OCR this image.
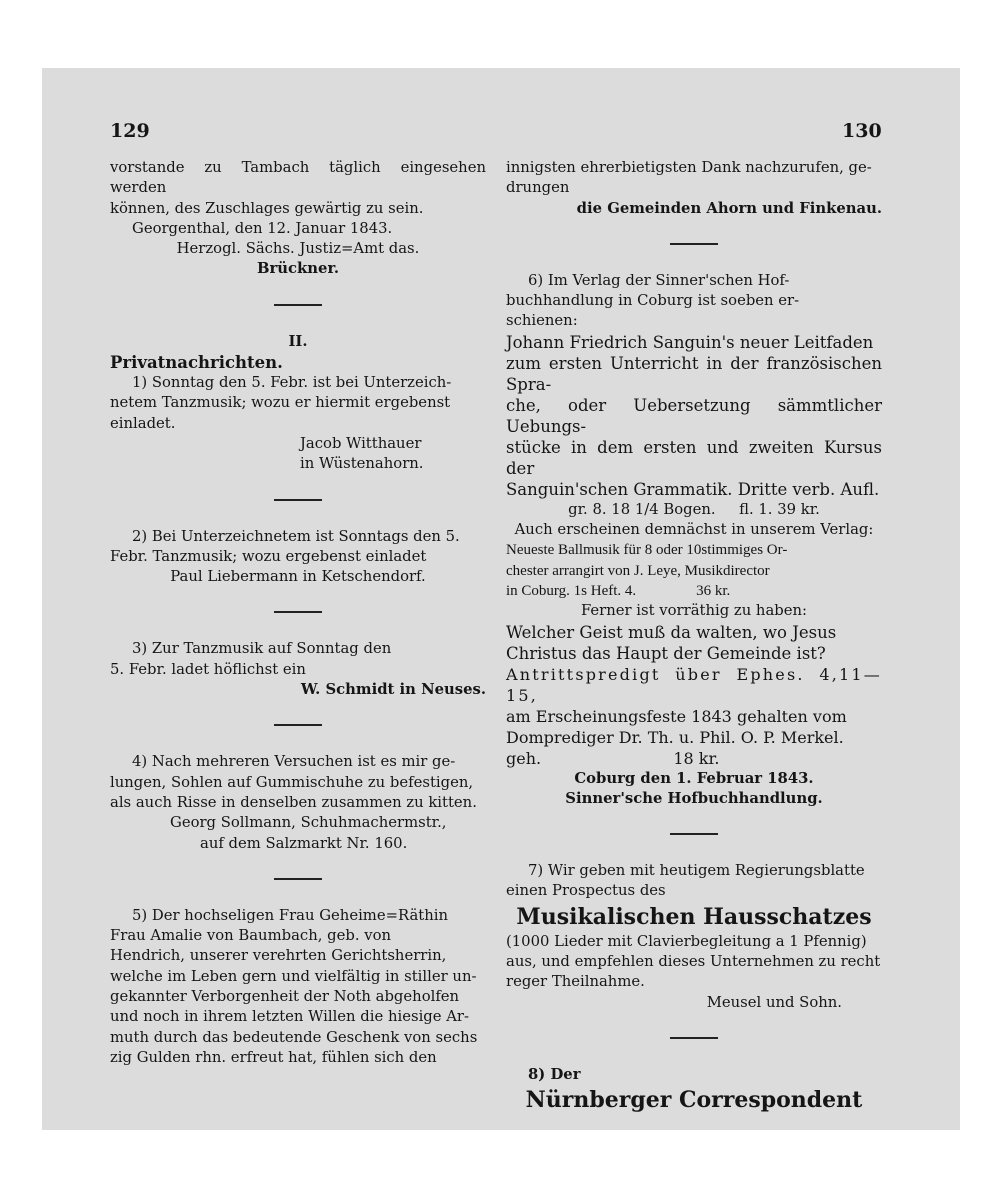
129	130

vorstande zu Tambach täglich eingesehen werden

können, des Zuschlages gewärtig zu sein.

Georgenthal, den 12. Januar 1843.

Herzogl. Sächs. Justiz=Amt das.

Brückner.

II.

Privatnachrichten.

1) Sonntag den 5. Febr. ist bei Unterzeich-

netem Tanzmusik; wozu er hiermit ergebenst

einladet.

Jacob Witthauer

in Wüstenahorn.

2) Bei Unterzeichnetem ist Sonntags den 5.

Febr. Tanzmusik; wozu ergebenst einladet

Paul Liebermann in Ketschendorf.

3) Zur Tanzmusik auf Sonntag den

5. Febr. ladet höflichst ein

W. Schmidt in Neuses.

4) Nach mehreren Versuchen ist es mir ge-

lungen, Sohlen auf Gummischuhe zu befestigen,

als auch Risse in denselben zusammen zu kitten.

Georg Sollmann, Schuhmachermstr.,

auf dem Salzmarkt Nr. 160.

5) Der hochseligen Frau Geheime=Räthin

Frau Amalie von Baumbach, geb. von

Hendrich, unserer verehrten Gerichtsherrin,

welche im Leben gern und vielfältig in stiller un-

gekannter Verborgenheit der Noth abgeholfen

und noch in ihrem letzten Willen die hiesige Ar-

muth durch das bedeutende Geschenk von sechs

zig Gulden rhn. erfreut hat, fühlen sich den

innigsten ehrerbietigsten Dank nachzurufen, ge-

drungen

die Gemeinden Ahorn und Finkenau.

6) Im Verlag der Sinner'schen Hof-

buchhandlung in Coburg ist soeben er-

schienen:

Johann Friedrich Sanguin's neuer Leitfaden

zum ersten Unterricht in der französischen Spra-

che, oder Uebersetzung sämmtlicher Uebungs-

stücke in dem ersten und zweiten Kursus der

Sanguin'schen Grammatik. Dritte verb. Aufl.

gr. 8. 18 1/4 Bogen.     fl. 1. 39 kr.

Auch erscheinen demnächst in unserem Verlag:

Neueste Ballmusik für 8 oder 10stimmiges Or-

chester arrangirt von J. Leye, Musikdirector

in Coburg. 1s Heft. 4.                36 kr.

Ferner ist vorräthig zu haben:

Welcher Geist muß da walten, wo Jesus

Christus das Haupt der Gemeinde ist?

Antrittspredigt über Ephes. 4,11—15,

am Erscheinungsfeste 1843 gehalten vom

Domprediger Dr. Th. u. Phil. O. P. Merkel.

geh.                          18 kr.

Coburg den 1. Februar 1843.

Sinner'sche Hofbuchhandlung.

7) Wir geben mit heutigem Regierungsblatte

einen Prospectus des

Musikalischen Hausschatzes

(1000 Lieder mit Clavierbegleitung a 1 Pfennig)

aus, und empfehlen dieses Unternehmen zu recht

reger Theilnahme.

Meusel und Sohn.

8) Der

Nürnberger Correspondent
